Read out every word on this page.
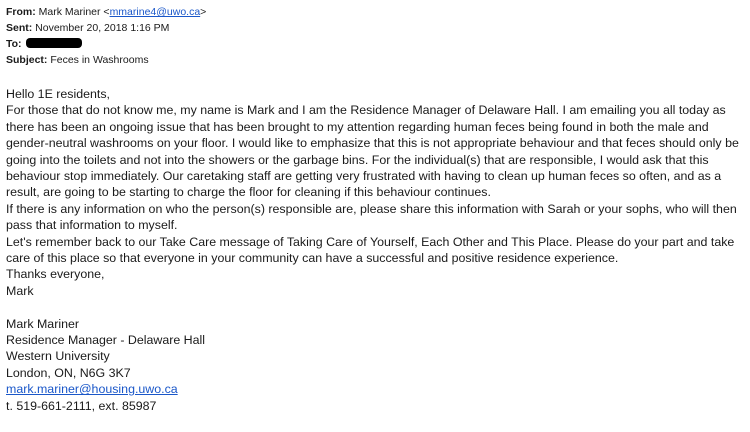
From: Mark Mariner <mmarine4@uwo.ca>
Sent: November 20, 2018 1:16 PM
To:
Subject: Feces in Washrooms

Hello 1E residents,

For those that do not know me, my name is Mark and I am the Residence Manager of Delaware Hall. I am emailing you all today as there has been an ongoing issue that has been brought to my attention regarding human feces being found in both the male and gender-neutral washrooms on your floor. I would like to emphasize that this is not appropriate behaviour and that feces should only be going into the toilets and not into the showers or the garbage bins. For the individual(s) that are responsible, I would ask that this behaviour stop immediately. Our caretaking staff are getting very frustrated with having to clean up human feces so often, and as a result, are going to be starting to charge the floor for cleaning if this behaviour continues.

If there is any information on who the person(s) responsible are, please share this information with Sarah or your sophs, who will then pass that information to myself.

Let's remember back to our Take Care message of Taking Care of Yourself, Each Other and This Place. Please do your part and take care of this place so that everyone in your community can have a successful and positive residence experience.

Thanks everyone,

Mark

Mark Mariner

Residence Manager - Delaware Hall

Western University

London, ON, N6G 3K7

mark.mariner@housing.uwo.ca

t. 519-661-2111, ext. 85987
